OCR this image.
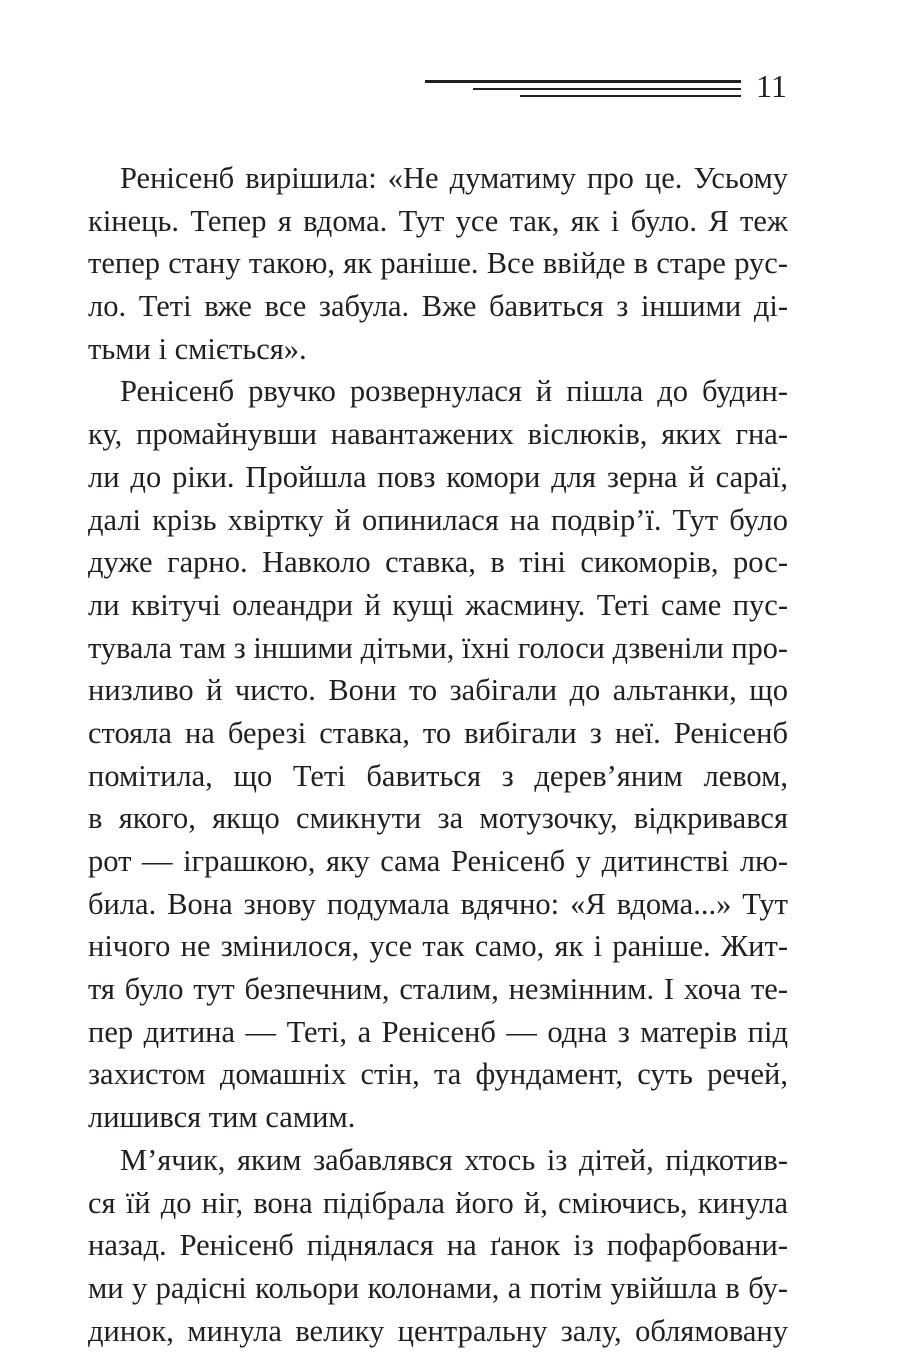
11
Ренісенб вирішила: «Не думатиму про це. Усьому
кінець. Тепер я вдома. Тут усе так, як і було. Я теж
тепер стану такою, як раніше. Все ввійде в старе рус-
ло. Теті вже все забула. Вже бавиться з іншими ді-
тьми і сміється».
Ренісенб рвучко розвернулася й пішла до будин-
ку, промайнувши навантажених віслюків, яких гна-
ли до ріки. Пройшла повз комори для зерна й сараї,
далі крізь хвіртку й опинилася на подвір’ї. Тут було
дуже гарно. Навколо ставка, в тіні сикоморів, рос-
ли квітучі олеандри й кущі жасмину. Теті саме пус-
тувала там з іншими дітьми, їхні голоси дзвеніли про-
низливо й чисто. Вони то забігали до альтанки, що
стояла на березі ставка, то вибігали з неї. Ренісенб
помітила, що Теті бавиться з дерев’яним левом,
в якого, якщо смикнути за мотузочку, відкривався
рот — іграшкою, яку сама Ренісенб у дитинстві лю-
била. Вона знову подумала вдячно: «Я вдома...» Тут
нічого не змінилося, усе так само, як і раніше. Жит-
тя було тут безпечним, сталим, незмінним. І хоча те-
пер дитина — Теті, а Ренісенб — одна з матерів під
захистом домашніх стін, та фундамент, суть речей,
лишився тим самим.
М’ячик, яким забавлявся хтось із дітей, підкотив-
ся їй до ніг, вона підібрала його й, сміючись, кинула
назад. Ренісенб піднялася на ґанок із пофарбовани-
ми у радісні кольори колонами, а потім увійшла в бу-
динок, минула велику центральну залу, облямовану
